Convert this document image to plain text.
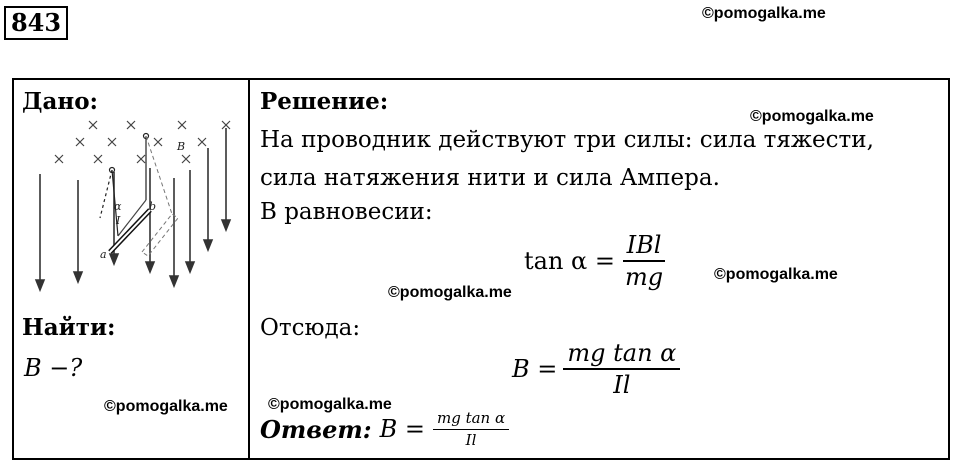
843	©pomogalka.me
Дано:
B
α
I
a
b
Найти:
B −?
Решение:
На проводник действуют три силы: сила тяжести,
сила натяжения нити и сила Ампера.
В равновесии:
$\tan \alpha = \frac{\text{IBl}}{mg}$
Отсюда:
$B = \frac{\text{mg tan α}}{Il}$
Ответ: $B = \frac{\text{mg tan α}}{Il}$
©pomogalka.me
©pomogalka.me
©pomogalka.me
©pomogalka.me	©pomogalka.me
